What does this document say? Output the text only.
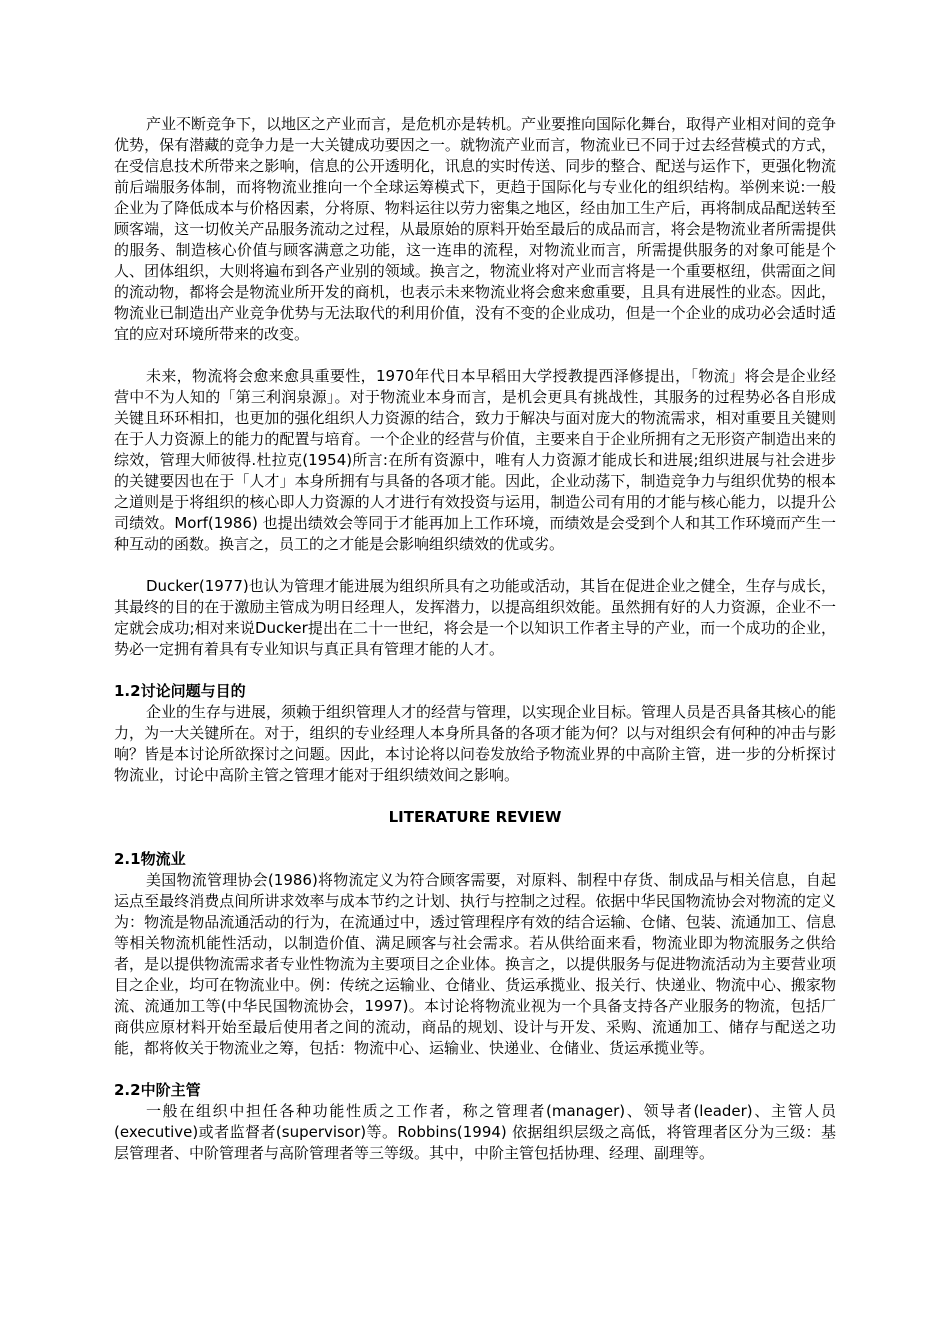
产业不断竞争下，以地区之产业而言，是危机亦是转机。产业要推向国际化舞台，取得产业相对间的竞争优势，保有潜藏的竞争力是一大关键成功要因之一。就物流产业而言，物流业已不同于过去经营模式的方式，在受信息技术所带来之影响，信息的公开透明化，讯息的实时传送、同步的整合、配送与运作下，更强化物流前后端服务体制，而将物流业推向一个全球运筹模式下，更趋于国际化与专业化的组织结构。举例来说:一般企业为了降低成本与价格因素，分将原、物料运往以劳力密集之地区，经由加工生产后，再将制成品配送转至顾客端，这一切攸关产品服务流动之过程，从最原始的原料开始至最后的成品而言，将会是物流业者所需提供的服务、制造核心价值与顾客满意之功能，这一连串的流程，对物流业而言，所需提供服务的对象可能是个人、团体组织，大则将遍布到各产业别的领域。换言之，物流业将对产业而言将是一个重要枢纽，供需面之间的流动物，都将会是物流业所开发的商机，也表示未来物流业将会愈来愈重要，且具有进展性的业态。因此，物流业已制造出产业竞争优势与无法取代的利用价值，没有不变的企业成功，但是一个企业的成功必会适时适宜的应对环境所带来的改变。

未来，物流将会愈来愈具重要性，1970年代日本早稻田大学授教提西泽修提出，「物流」将会是企业经营中不为人知的「第三利润泉源」。对于物流业本身而言，是机会更具有挑战性，其服务的过程势必各自形成关键且环环相扣，也更加的强化组织人力资源的结合，致力于解决与面对庞大的物流需求，相对重要且关键则在于人力资源上的能力的配置与培育。一个企业的经营与价值，主要来自于企业所拥有之无形资产制造出来的综效，管理大师彼得.杜拉克(1954)所言:在所有资源中，唯有人力资源才能成长和进展;组织进展与社会进步的关键要因也在于「人才」本身所拥有与具备的各项才能。因此，企业动荡下，制造竞争力与组织优势的根本之道则是于将组织的核心即人力资源的人才进行有效投资与运用，制造公司有用的才能与核心能力，以提升公司绩效。Morf(1986) 也提出绩效会等同于才能再加上工作环境，而绩效是会受到个人和其工作环境而产生一种互动的函数。换言之，员工的之才能是会影响组织绩效的优或劣。

Ducker(1977)也认为管理才能进展为组织所具有之功能或活动，其旨在促进企业之健全，生存与成长，其最终的目的在于激励主管成为明日经理人，发挥潜力，以提高组织效能。虽然拥有好的人力资源，企业不一定就会成功;相对来说Ducker提出在二十一世纪，将会是一个以知识工作者主导的产业，而一个成功的企业，势必一定拥有着具有专业知识与真正具有管理才能的人才。

1.2讨论问题与目的

企业的生存与进展，须赖于组织管理人才的经营与管理，以实现企业目标。管理人员是否具备其核心的能力，为一大关键所在。对于，组织的专业经理人本身所具备的各项才能为何？以与对组织会有何种的冲击与影响？皆是本讨论所欲探讨之问题。因此，本讨论将以问卷发放给予物流业界的中高阶主管，进一步的分析探讨物流业，讨论中高阶主管之管理才能对于组织绩效间之影响。

LITERATURE REVIEW

2.1物流业

美国物流管理协会(1986)将物流定义为符合顾客需要，对原料、制程中存货、制成品与相关信息，自起运点至最终消费点间所讲求效率与成本节约之计划、执行与控制之过程。依据中华民国物流协会对物流的定义为：物流是物品流通活动的行为，在流通过中，透过管理程序有效的结合运输、仓储、包装、流通加工、信息等相关物流机能性活动，以制造价值、满足顾客与社会需求。若从供给面来看，物流业即为物流服务之供给者，是以提供物流需求者专业性物流为主要项目之企业体。换言之，以提供服务与促进物流活动为主要营业项目之企业，均可在物流业中。例：传统之运输业、仓储业、货运承揽业、报关行、快递业、物流中心、搬家物流、流通加工等(中华民国物流协会，1997)。本讨论将物流业视为一个具备支持各产业服务的物流，包括厂商供应原材料开始至最后使用者之间的流动，商品的规划、设计与开发、采购、流通加工、储存与配送之功能，都将攸关于物流业之筹，包括：物流中心、运输业、快递业、仓储业、货运承揽业等。

2.2中阶主管

一般在组织中担任各种功能性质之工作者，称之管理者(manager)、领导者(leader)、主管人员(executive)或者监督者(supervisor)等。Robbins(1994) 依据组织层级之高低，将管理者区分为三级：基层管理者、中阶管理者与高阶管理者等三等级。其中，中阶主管包括协理、经理、副理等。
